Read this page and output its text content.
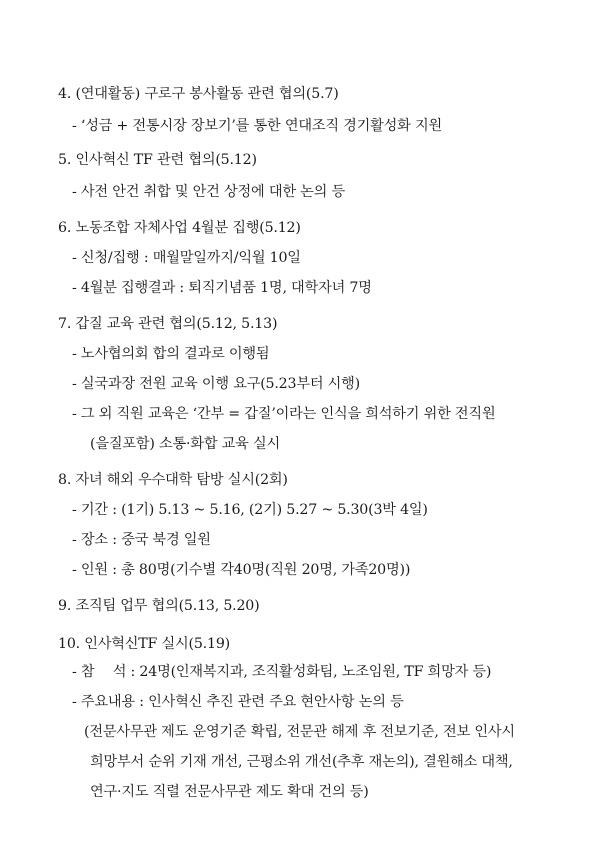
4. (연대활동) 구로구 봉사활동 관련 협의(5.7)
- ‘성금 + 전통시장 장보기’를 통한 연대조직 경기활성화 지원
5. 인사혁신 TF 관련 협의(5.12)
- 사전 안건 취합 및 안건 상정에 대한 논의 등
6. 노동조합 자체사업 4월분 집행(5.12)
- 신청/집행 : 매월말일까지/익월 10일
- 4월분 집행결과 : 퇴직기념품 1명, 대학자녀 7명
7. 갑질 교육 관련 협의(5.12, 5.13)
- 노사협의회 합의 결과로 이행됨
- 실국과장 전원 교육 이행 요구(5.23부터 시행)
- 그 외 직원 교육은 ‘간부 = 갑질’이라는 인식을 희석하기 위한 전직원
(을질포함) 소통·화합 교육 실시
8. 자녀 해외 우수대학 탐방 실시(2회)
- 기간 : (1기) 5.13 ~ 5.16, (2기) 5.27 ~ 5.30(3박 4일)
- 장소 : 중국 북경 일원
- 인원 : 총 80명(기수별 각40명(직원 20명, 가족20명))
9. 조직팀 업무 협의(5.13, 5.20)
10. 인사혁신TF 실시(5.19)
- 참　 석 : 24명(인재복지과, 조직활성화팀, 노조임원, TF 희망자 등)
- 주요내용 : 인사혁신 추진 관련 주요 현안사항 논의 등
(전문사무관 제도 운영기준 확립, 전문관 해제 후 전보기준, 전보 인사시
희망부서 순위 기재 개선, 근평소위 개선(추후 재논의), 결원해소 대책,
연구·지도 직렬 전문사무관 제도 확대 건의 등)
